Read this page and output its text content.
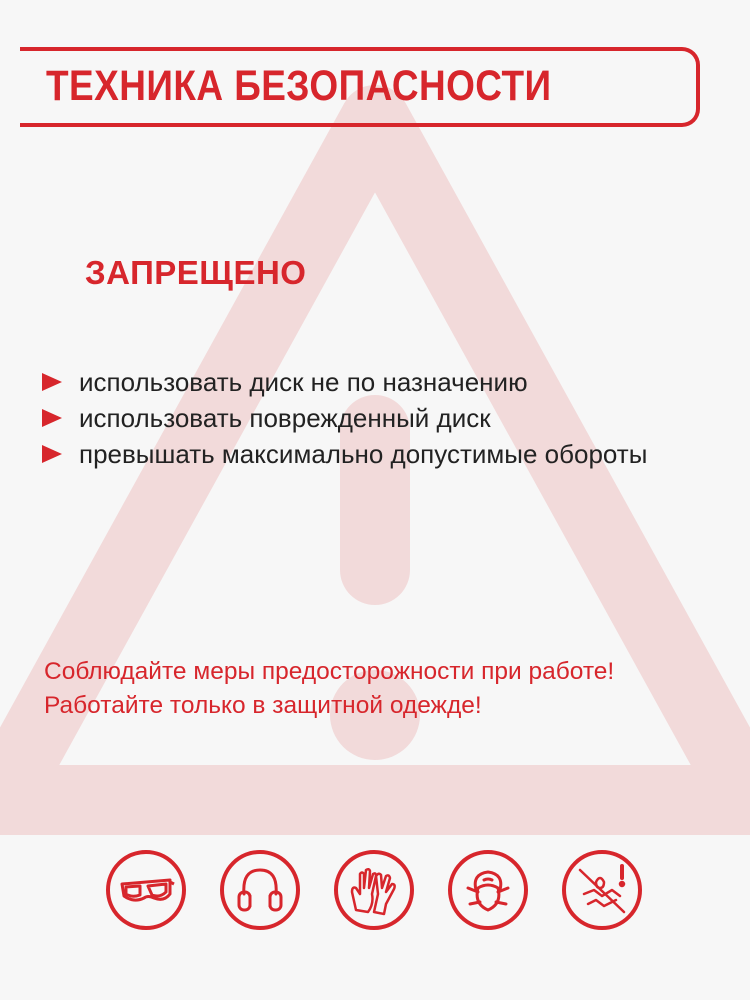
ТЕХНИКА БЕЗОПАСНОСТИ
ЗАПРЕЩЕНО
использовать диск не по назначению
использовать поврежденный диск
превышать максимально допустимые обороты
Соблюдайте меры предосторожности при работе!
Работайте только в защитной одежде!
